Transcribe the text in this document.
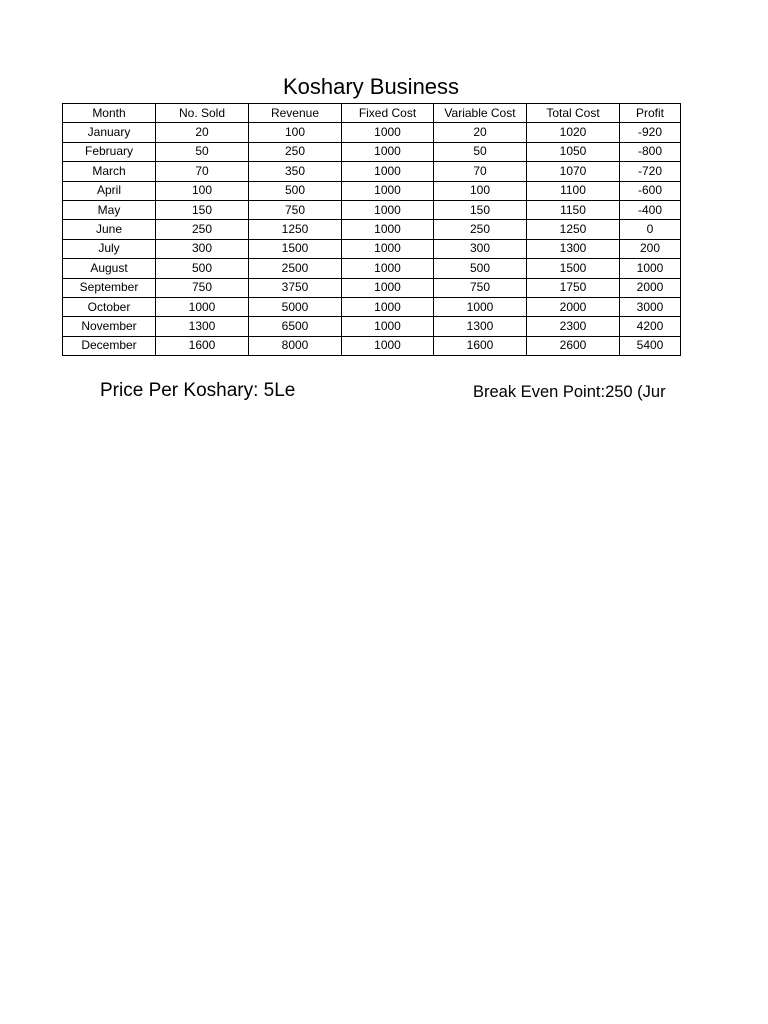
Koshary Business
Month	No. Sold	Revenue	Fixed Cost	Variable Cost	Total Cost	Profit
January	20	100	1000	20	1020	-920
February	50	250	1000	50	1050	-800
March	70	350	1000	70	1070	-720
April	100	500	1000	100	1100	-600
May	150	750	1000	150	1150	-400
June	250	1250	1000	250	1250	0
July	300	1500	1000	300	1300	200
August	500	2500	1000	500	1500	1000
September	750	3750	1000	750	1750	2000
October	1000	5000	1000	1000	2000	3000
November	1300	6500	1000	1300	2300	4200
December	1600	8000	1000	1600	2600	5400
Price Per Koshary: 5Le	Break Even Point:250 (Jur
